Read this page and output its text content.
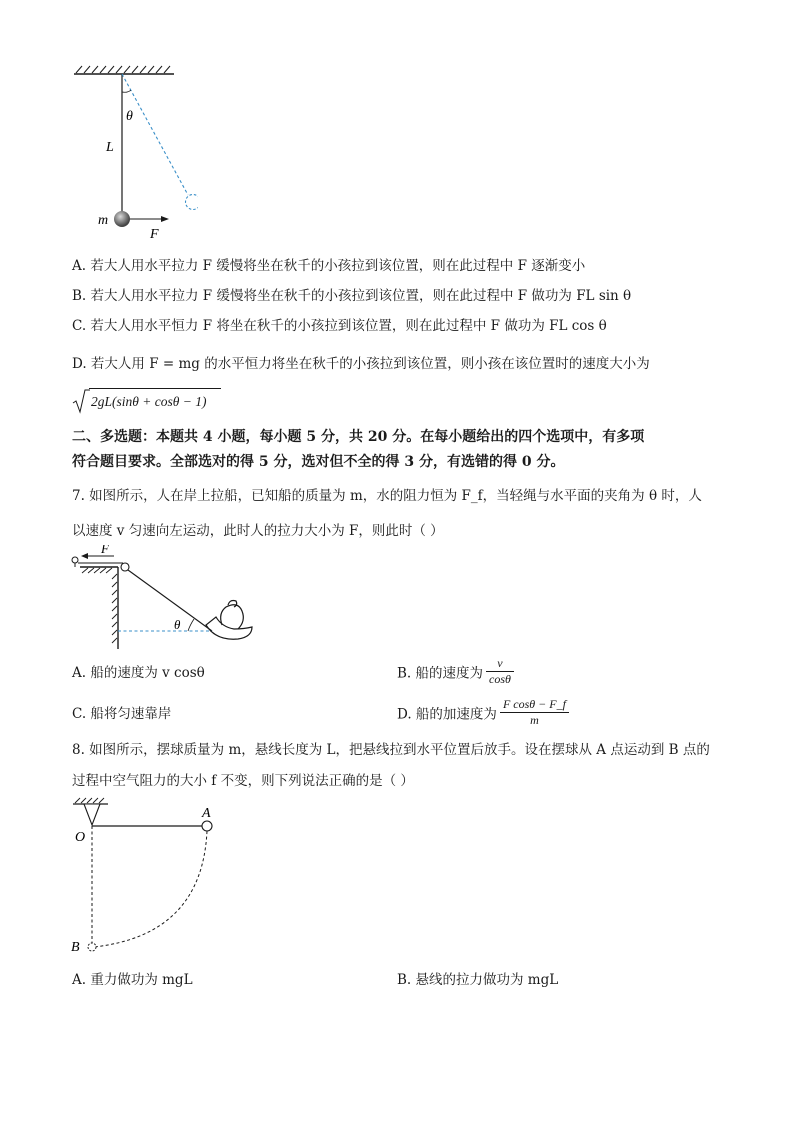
θ
L
m
F
A. 若大人用水平拉力 F 缓慢将坐在秋千的小孩拉到该位置，则在此过程中 F 逐渐变小
B. 若大人用水平拉力 F 缓慢将坐在秋千的小孩拉到该位置，则在此过程中 F 做功为 FL sin θ
C. 若大人用水平恒力 F 将坐在秋千的小孩拉到该位置，则在此过程中 F 做功为 FL cos θ
D. 若大人用 F = mg 的水平恒力将坐在秋千的小孩拉到该位置，则小孩在该位置时的速度大小为
2gL(sinθ + cosθ − 1)
二、多选题：本题共 4 小题，每小题 5 分，共 20 分。在每小题给出的四个选项中，有多项
符合题目要求。全部选对的得 5 分，选对但不全的得 3 分，有选错的得 0 分。
7. 如图所示，人在岸上拉船，已知船的质量为 m，水的阻力恒为 F_f，当轻绳与水平面的夹角为 θ 时，人
以速度 v 匀速向左运动，此时人的拉力大小为 F，则此时（ ）
F
θ
A. 船的速度为 v cosθ	B. 船的速度为 $\frac{v}{\cos\theta}$
C. 船将匀速靠岸	D. 船的加速度为 $\frac{\text{F cosθ − F\_f}}{m}$
8. 如图所示，摆球质量为 m，悬线长度为 L，把悬线拉到水平位置后放手。设在摆球从 A 点运动到 B 点的
过程中空气阻力的大小 f 不变，则下列说法正确的是（ ）
A
O
B
A. 重力做功为 mgL	B. 悬线的拉力做功为 mgL
